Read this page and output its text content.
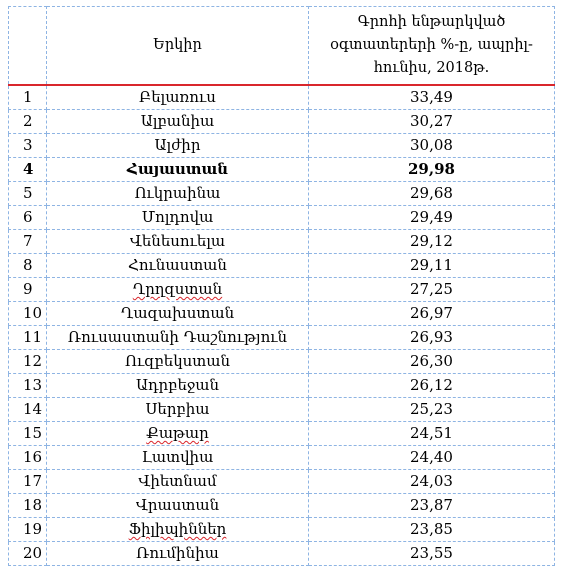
	Երկիր	Գրոհի ենթարկված օգտատերերի %-ը, ապրիլ-հունիս, 2018թ.
1	Բելառուս	33,49
2	Ալբանիա	30,27
3	Ալժիր	30,08
4	Հայաստան	29,98
5	Ուկրաինա	29,68
6	Մոլդովա	29,49
7	Վենեսուելա	29,12
8	Հունաստան	29,11
9	Ղրղզստան	27,25
10	Ղազախստան	26,97
11	Ռուսաստանի Դաշնություն	26,93
12	Ուզբեկստան	26,30
13	Ադրբեջան	26,12
14	Սերբիա	25,23
15	Քաթար	24,51
16	Լատվիա	24,40
17	Վիետնամ	24,03
18	Վրաստան	23,87
19	Ֆիլիպիններ	23,85
20	Ռումինիա	23,55
